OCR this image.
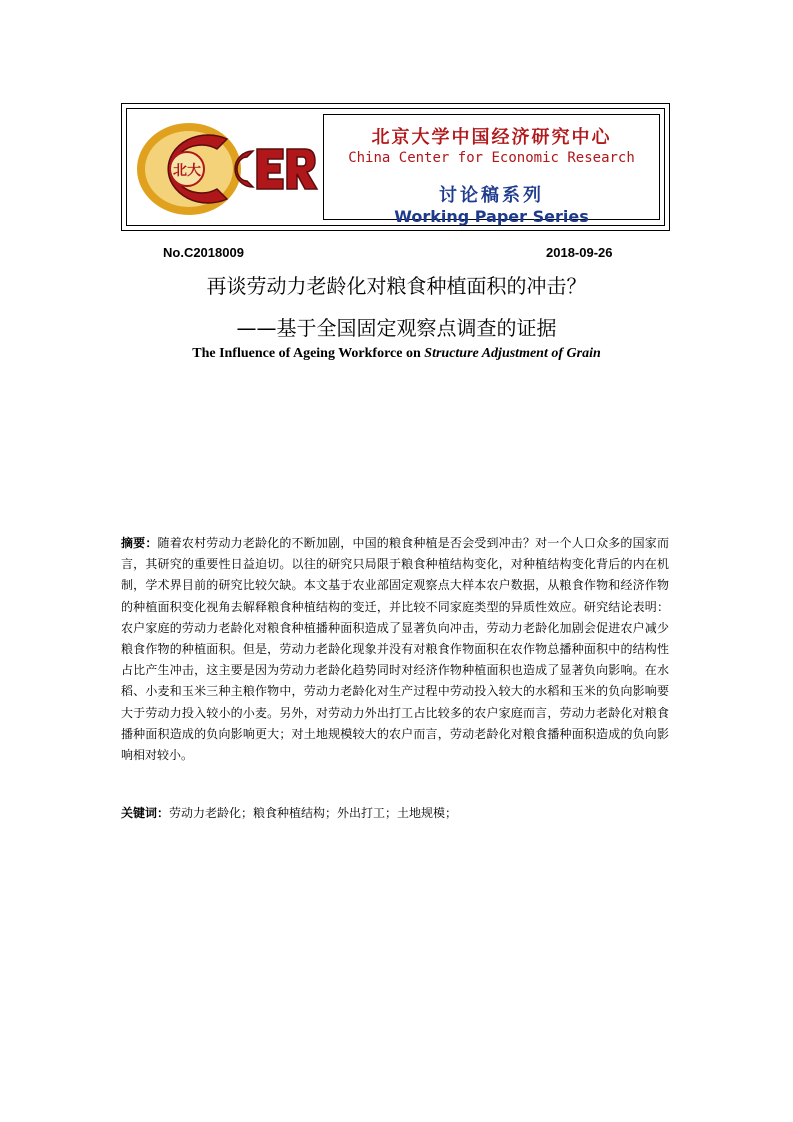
北大
北京大学中国经济研究中心
China Center for Economic Research
讨论稿系列
Working Paper Series
No.C2018009	2018-09-26
再谈劳动力老龄化对粮食种植面积的冲击？
——基于全国固定观察点调查的证据
The Influence of Ageing Workforce on Structure Adjustment of Grain
摘要：随着农村劳动力老龄化的不断加剧，中国的粮食种植是否会受到冲击？对一个人口众多的国家而言，其研究的重要性日益迫切。以往的研究只局限于粮食种植结构变化，对种植结构变化背后的内在机制，学术界目前的研究比较欠缺。本文基于农业部固定观察点大样本农户数据，从粮食作物和经济作物的种植面积变化视角去解释粮食种植结构的变迁，并比较不同家庭类型的异质性效应。研究结论表明：农户家庭的劳动力老龄化对粮食种植播种面积造成了显著负向冲击，劳动力老龄化加剧会促进农户减少粮食作物的种植面积。但是，劳动力老龄化现象并没有对粮食作物面积在农作物总播种面积中的结构性占比产生冲击，这主要是因为劳动力老龄化趋势同时对经济作物种植面积也造成了显著负向影响。在水稻、小麦和玉米三种主粮作物中，劳动力老龄化对生产过程中劳动投入较大的水稻和玉米的负向影响要大于劳动力投入较小的小麦。另外，对劳动力外出打工占比较多的农户家庭而言，劳动力老龄化对粮食播种面积造成的负向影响更大；对土地规模较大的农户而言，劳动老龄化对粮食播种面积造成的负向影响相对较小。
关键词：劳动力老龄化；粮食种植结构；外出打工；土地规模；
